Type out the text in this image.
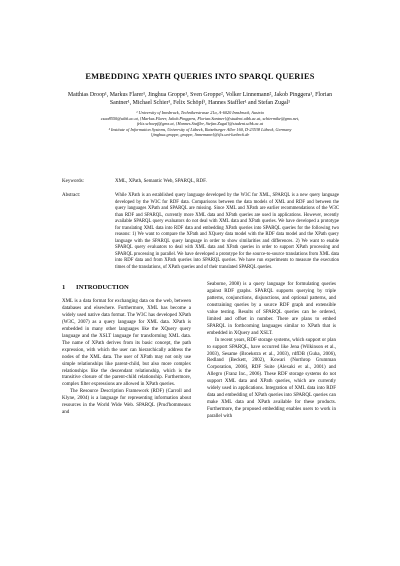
EMBEDDING XPATH QUERIES INTO SPARQL QUERIES
Matthias Droop¹, Markus Flarer¹, Jinghua Groppe¹, Sven Groppe², Volker Linnemann², Jakob Pinggera¹, Florian Santner¹, Michael Schier¹, Felix Schöpf¹, Hannes Staffler¹ and Stefan Zugal¹
¹ University of Innsbruck, Technikerstrasse 21a, A-6020 Innsbruck, Austria
csaa8550@uibk.ac.at, {Markus.Flarer, Jakob.Pinggera, Florian.Santner}@student.uibk.ac.at, schiermike@gmx.net,
felix.schoepf@gmx.at, {Hannes.Staffler, Stefan.Zugal}@student.uibk.ac.at
² Institute of Information Systems, University of Lübeck, Ratzeburger Allee 160, D-23538 Lübeck, Germany
{jinghua.groppe, groppe, linnemann}@ifis.uni-luebeck.de
Keywords:	XML, XPath, Semantic Web, SPARQL, RDF.
Abstract:	While XPath is an established query language developed by the W3C for XML, SPARQL is a new query language developed by the W3C for RDF data. Comparisons between the data models of XML and RDF and between the query languages XPath and SPARQL are missing. Since XML and XPath are earlier recommendations of the W3C than RDF and SPARQL, currently more XML data and XPath queries are used in applications. However, recently available SPARQL query evaluators do not deal with XML data and XPath queries. We have developed a prototype for translating XML data into RDF data and embedding XPath queries into SPARQL queries for the following two reasons: 1) We want to compare the XPath and XQuery data model with the RDF data model and the XPath query language with the SPARQL query language in order to show similarities and differences. 2) We want to enable SPARQL query evaluators to deal with XML data and XPath queries in order to support XPath processing and SPARQL processing in parallel. We have developed a prototype for the source-to-source translations from XML data into RDF data and from XPath queries into SPARQL queries. We have run experiments to measure the execution times of the translations, of XPath queries and of their translated SPARQL queries.
1 INTRODUCTION

XML is a data format for exchanging data on the web, between databases and elsewhere. Furthermore, XML has become a widely used native data format. The W3C has developed XPath (W3C, 2007) as a query language for XML data. XPath is embedded in many other languages like the XQuery query language and the XSLT language for transforming XML data. The name of XPath derives from its basic concept, the path expression, with which the user can hierarchically address the nodes of the XML data. The user of XPath may not only use simple relationships like parent-child, but also more complex relationships like the descendant relationship, which is the transitive closure of the parent-child relationship. Furthermore, complex filter expressions are allowed in XPath queries.

The Resource Description Framework (RDF) (Carroll and Klyne, 2004) is a language for representing information about resources in the World Wide Web. SPARQL (Prud'hommeaux and

Seaborne, 2008) is a query language for formulating queries against RDF graphs. SPARQL supports querying by triple patterns, conjunctions, disjunctions, and optional patterns, and constraining queries by a source RDF graph and extensible value testing. Results of SPARQL queries can be ordered, limited and offset in number. There are plans to embed SPARQL in forthcoming languages similar to XPath that is embedded in XQuery and XSLT.

In recent years, RDF storage systems, which support or plan to support SPARQL, have occurred like Jena (Wilkinson et al., 2003), Sesame (Broekstra et al., 2003), rdfDB (Guha, 2006), Redland (Beckett, 2002), Kowari (Northrop Grumman Corporation, 2006), RDF Suite (Alexaki et al., 2001) and Allegro (Franz Inc., 2006). These RDF storage systems do not support XML data and XPath queries, which are currently widely used in applications. Integration of XML data into RDF data and embedding of XPath queries into SPARQL queries can make XML data and XPath available for these products. Furthermore, the proposed embedding enables users to work in parallel with
